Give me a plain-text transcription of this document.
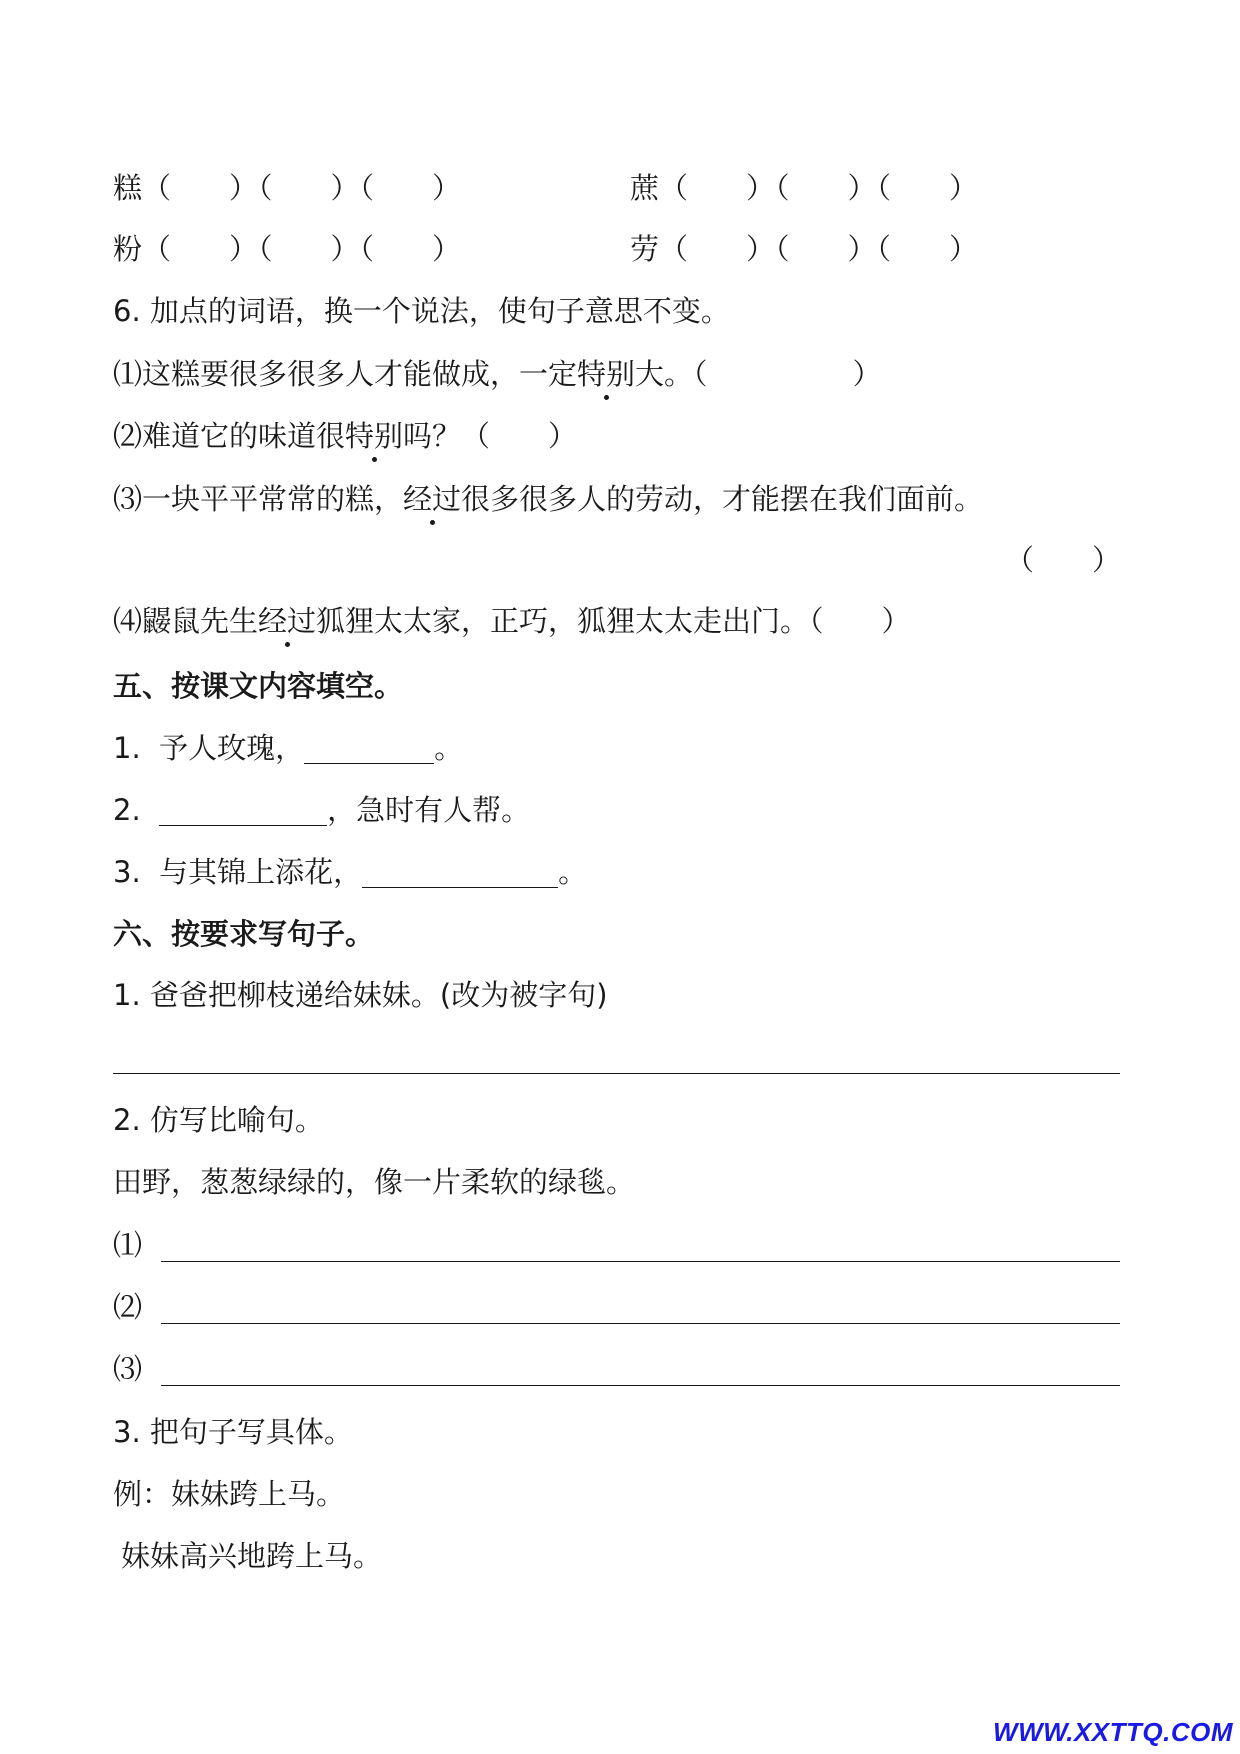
糕（　　）（　　）（　　）	蔗（　　）（　　）（　　）
粉（　　）（　　）（　　）	劳（　　）（　　）（　　）
6. 加点的词语，换一个说法，使句子意思不变。
⑴这糕要很多很多人才能做成，一定特别大。（　　　　　）
⑵难道它的味道很特别吗？（　　）
⑶一块平平常常的糕，经过很多很多人的劳动，才能摆在我们面前。
（　　）
⑷鼹鼠先生经过狐狸太太家，正巧，狐狸太太走出门。（　　）
五、按课文内容填空。
1. 予人玫瑰，	。
2.	，急时有人帮。
3. 与其锦上添花，	。
六、按要求写句子。
1. 爸爸把柳枝递给妹妹。(改为被字句)
2. 仿写比喻句。
田野，葱葱绿绿的，像一片柔软的绿毯。
⑴
⑵
⑶
3. 把句子写具体。
例：妹妹跨上马。
妹妹高兴地跨上马。
WWW.XXTTQ.COM
